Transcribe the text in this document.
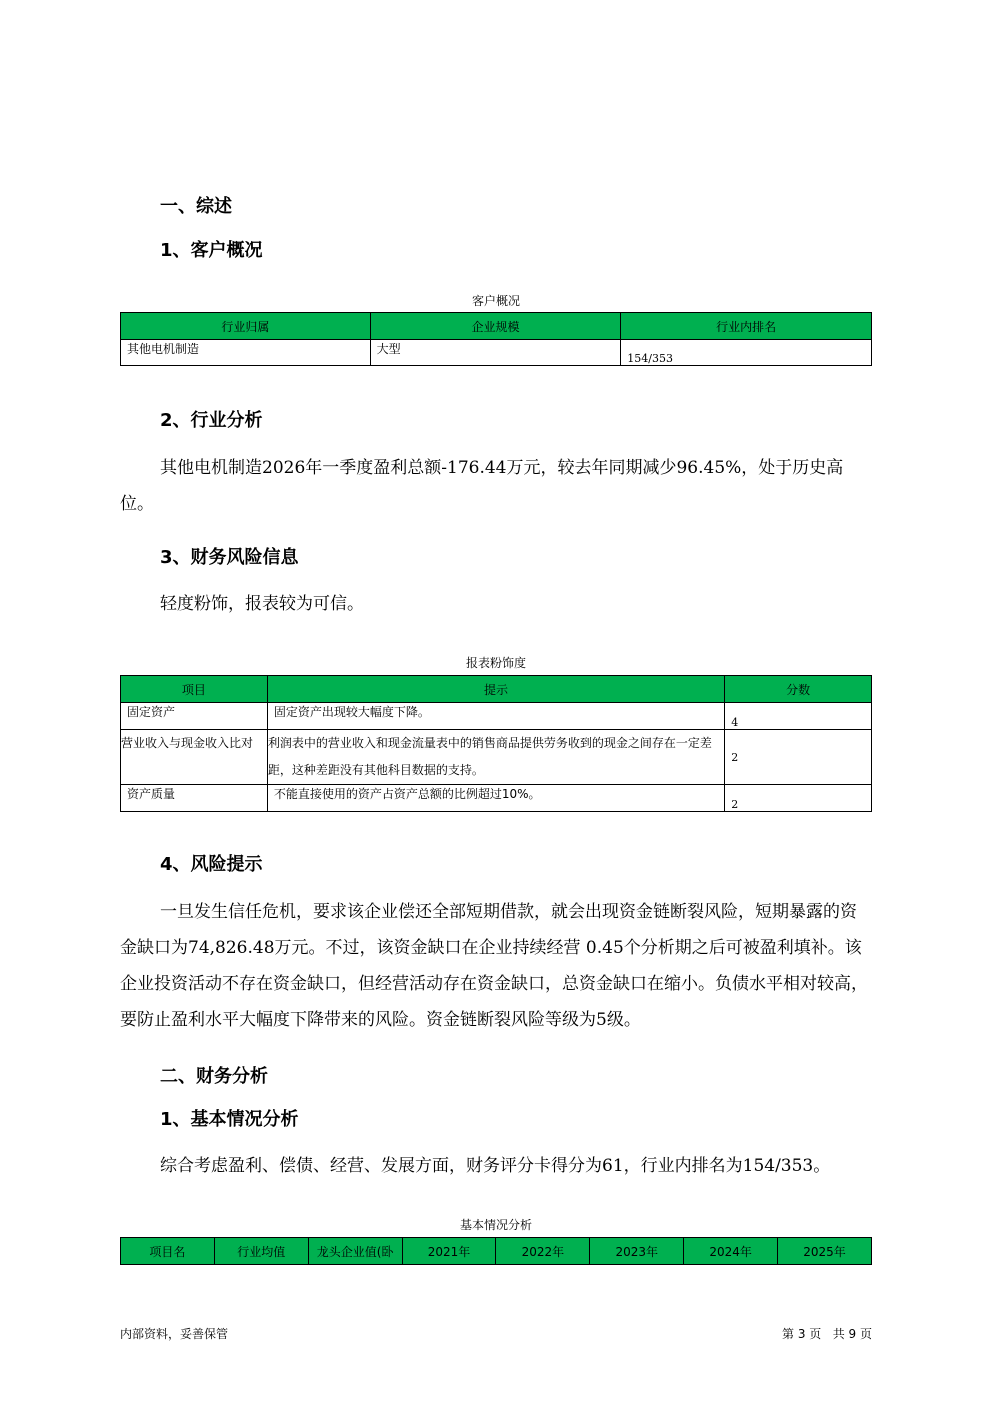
一、综述
1、客户概况
客户概况
行业归属	企业规模	行业内排名
其他电机制造	大型	154/353
2、行业分析

其他电机制造2026年一季度盈利总额-176.44万元，较去年同期减少96.45%，处于历史高位。

3、财务风险信息

轻度粉饰，报表较为可信。

报表粉饰度
项目	提示	分数
固定资产	固定资产出现较大幅度下降。	4
营业收入与现金收入比对	利润表中的营业收入和现金流量表中的销售商品提供劳务收到的现金之间存在一定差距，这种差距没有其他科目数据的支持。	2
资产质量	不能直接使用的资产占资产总额的比例超过10%。	2
4、风险提示

一旦发生信任危机，要求该企业偿还全部短期借款，就会出现资金链断裂风险，短期暴露的资金缺口为74,826.48万元。不过，该资金缺口在企业持续经营 0.45个分析期之后可被盈利填补。该企业投资活动不存在资金缺口，但经营活动存在资金缺口，总资金缺口在缩小。负债水平相对较高，要防止盈利水平大幅度下降带来的风险。资金链断裂风险等级为5级。

二、财务分析
1、基本情况分析

综合考虑盈利、偿债、经营、发展方面，财务评分卡得分为61，行业内排名为154/353。

基本情况分析
项目名	行业均值	龙头企业值(卧	2021年	2022年	2023年	2024年	2025年
内部资料，妥善保管	第 3 页   共 9 页
